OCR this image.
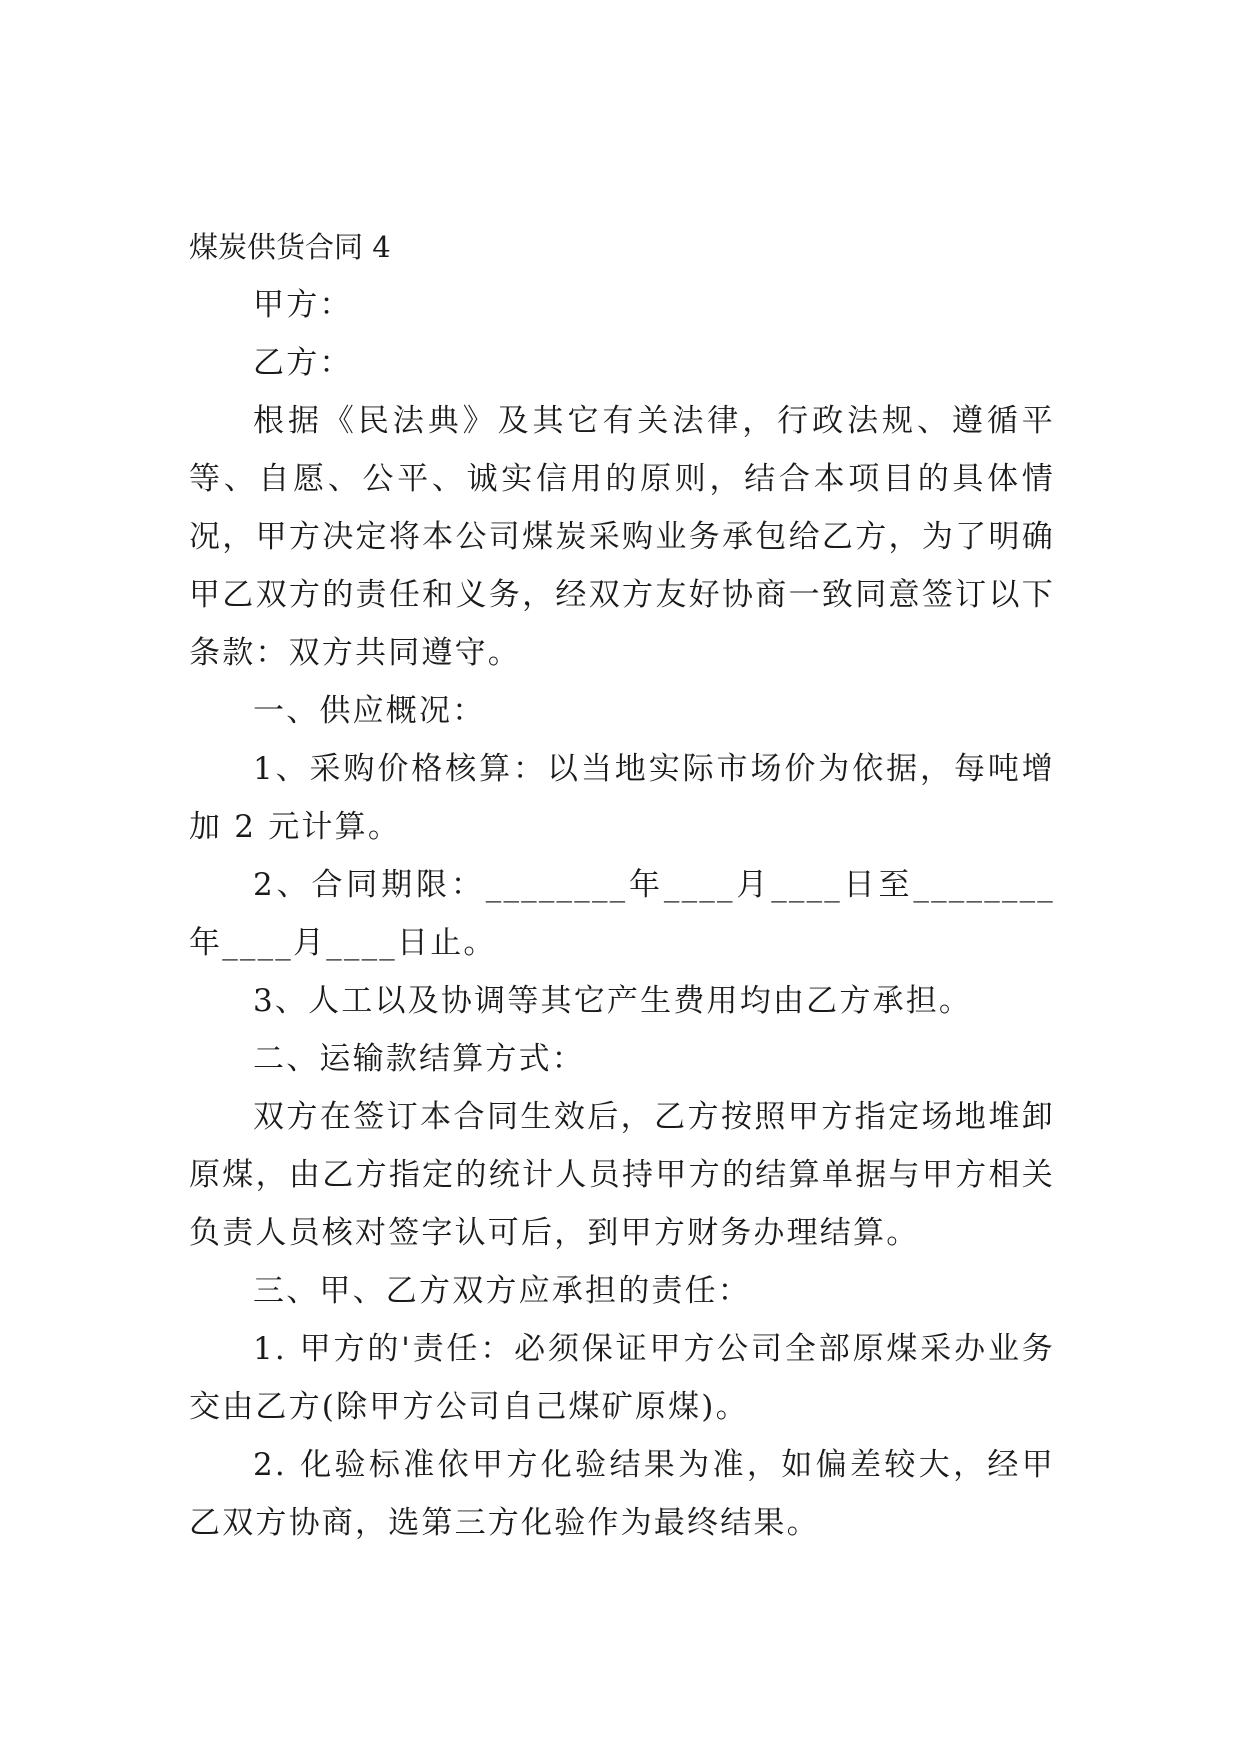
煤炭供货合同 4

甲方：

乙方：

根据《民法典》及其它有关法律，行政法规、遵循平等、自愿、公平、诚实信用的原则，结合本项目的具体情况，甲方决定将本公司煤炭采购业务承包给乙方，为了明确甲乙双方的责任和义务，经双方友好协商一致同意签订以下条款：双方共同遵守。

一、供应概况：

1、采购价格核算：以当地实际市场价为依据，每吨增加 2 元计算。

2、合同期限：________年____月____日至________年____月____日止。

3、人工以及协调等其它产生费用均由乙方承担。

二、运输款结算方式：

双方在签订本合同生效后，乙方按照甲方指定场地堆卸原煤，由乙方指定的统计人员持甲方的结算单据与甲方相关负责人员核对签字认可后，到甲方财务办理结算。

三、甲、乙方双方应承担的责任：

1. 甲方的'责任：必须保证甲方公司全部原煤采办业务交由乙方(除甲方公司自己煤矿原煤)。

2. 化验标准依甲方化验结果为准，如偏差较大，经甲乙双方协商，选第三方化验作为最终结果。
